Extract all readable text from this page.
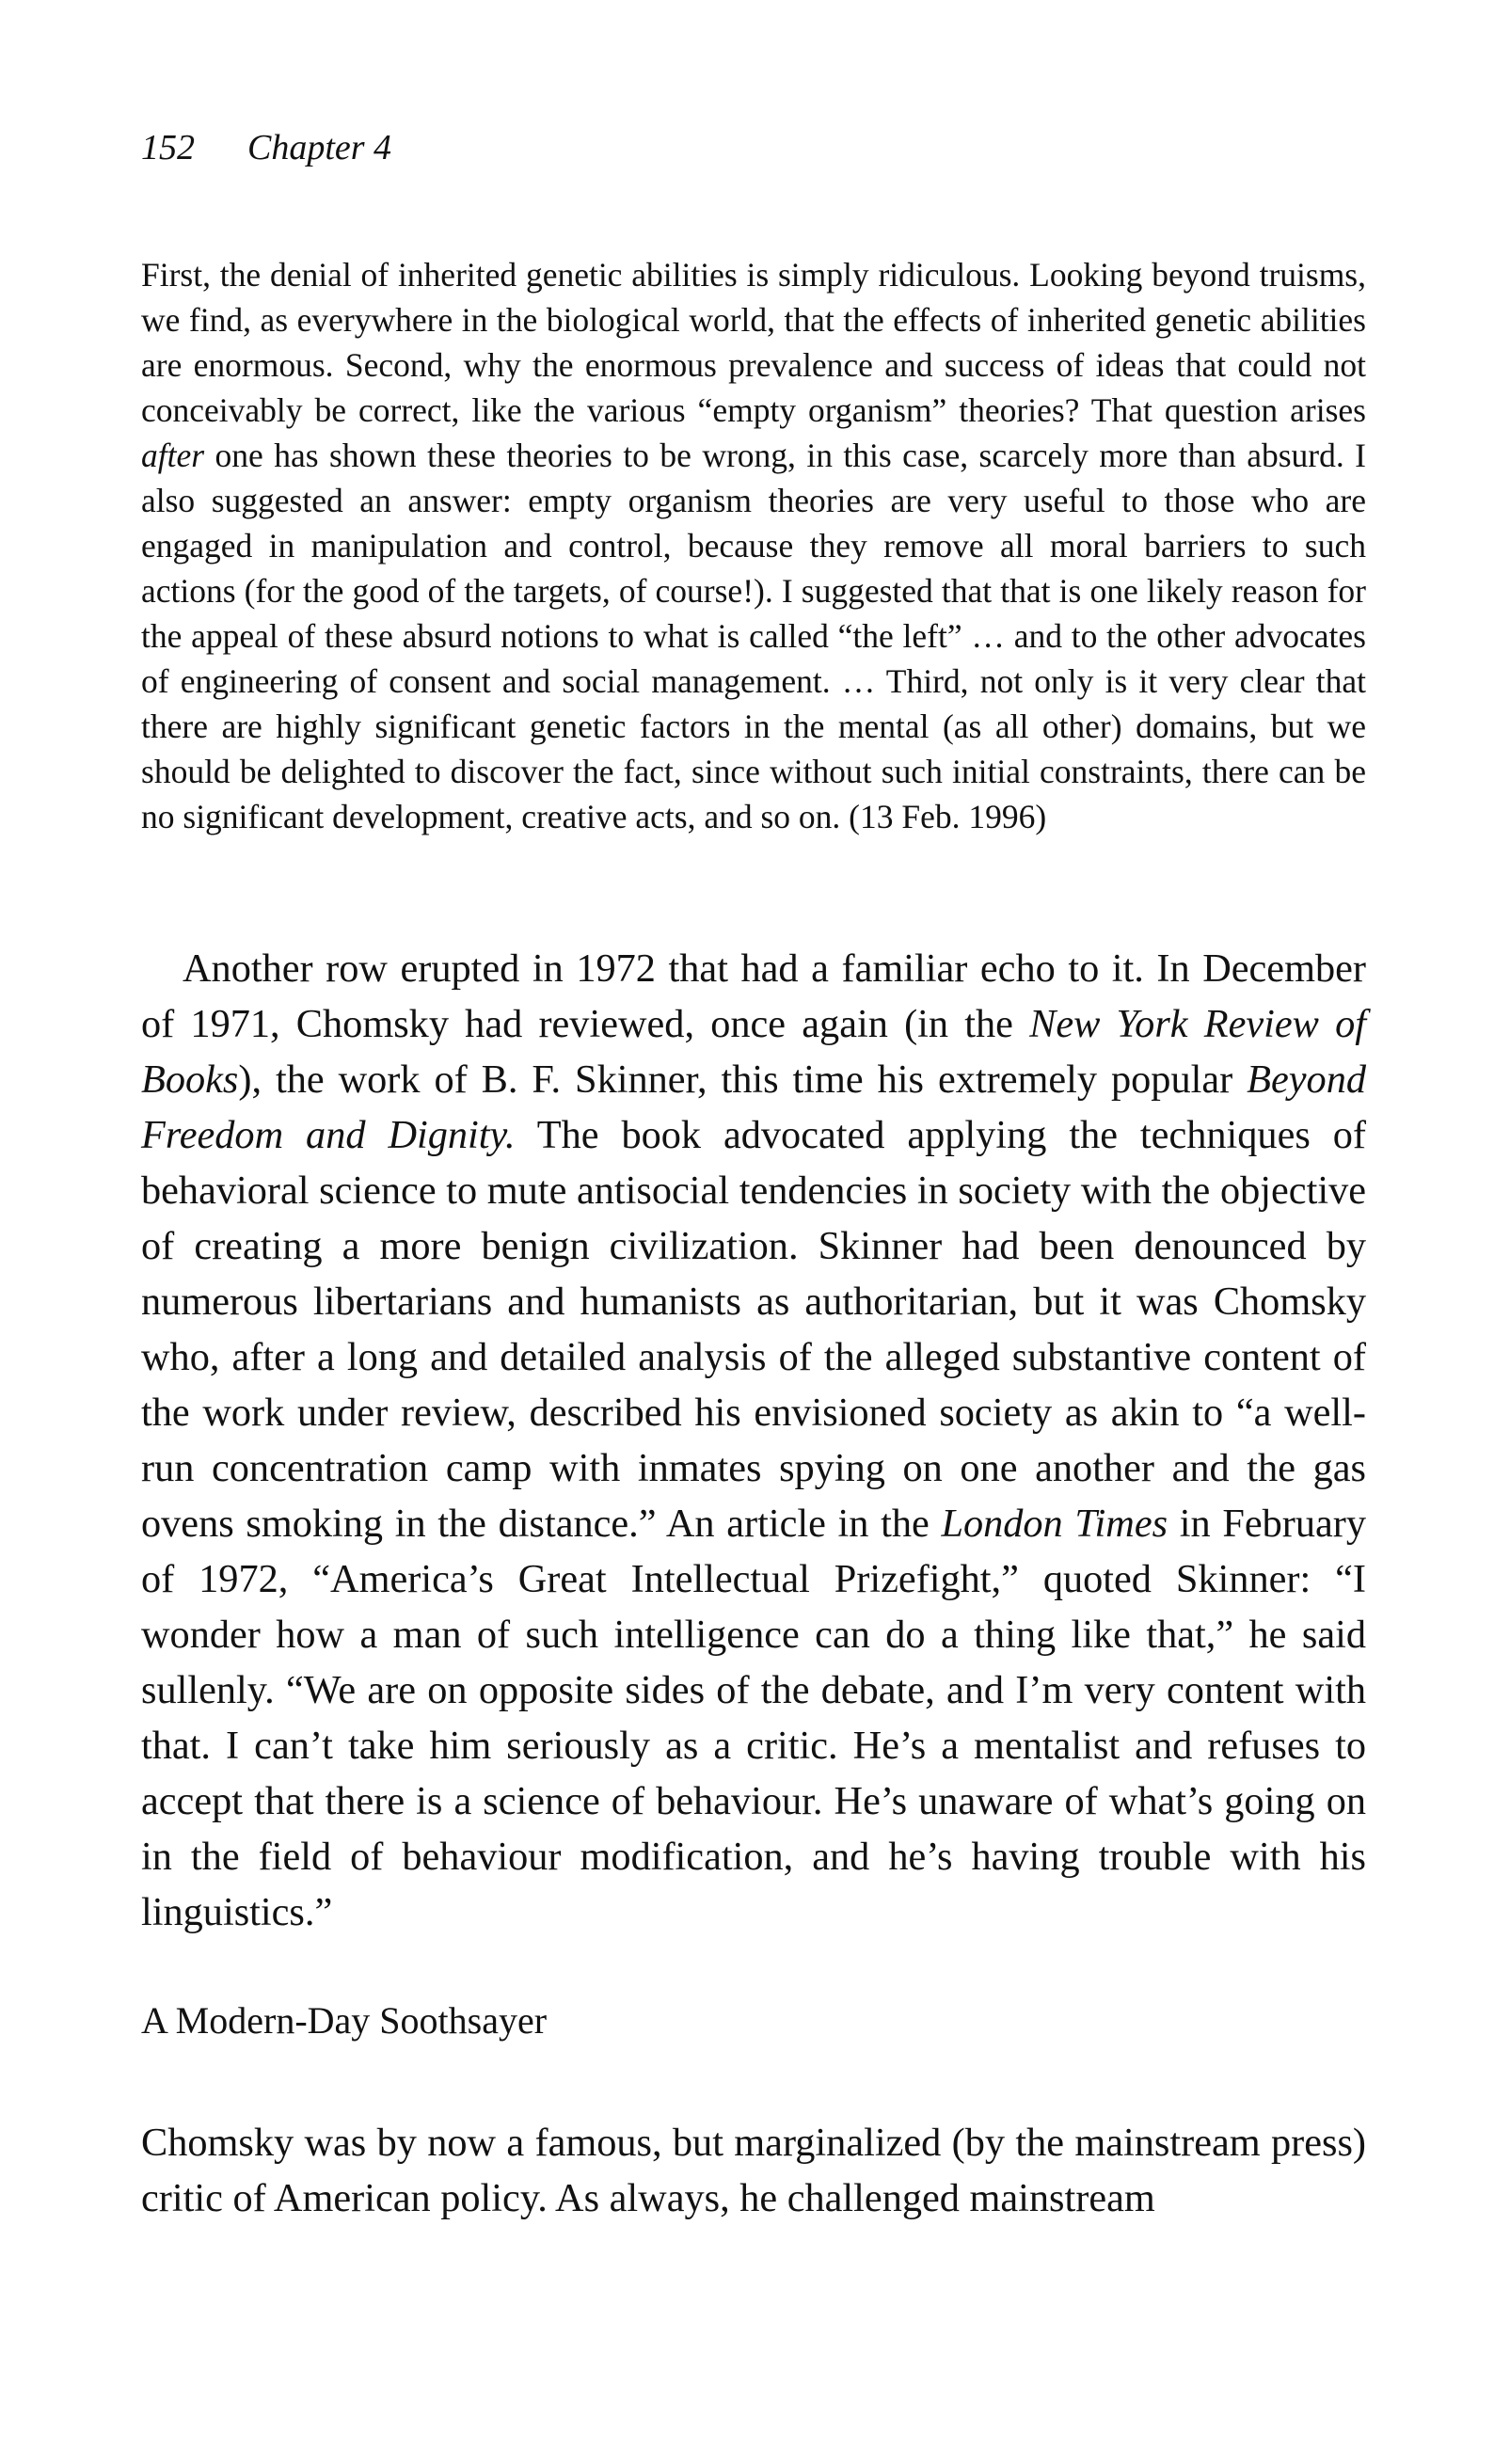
152 Chapter 4

First, the denial of inherited genetic abilities is simply ridiculous. Looking beyond truisms, we find, as everywhere in the biological world, that the effects of inherited genetic abilities are enormous. Second, why the enormous prevalence and success of ideas that could not conceivably be correct, like the various “empty organism” theories? That question arises after one has shown these theories to be wrong, in this case, scarcely more than absurd. I also suggested an answer: empty organism theories are very useful to those who are engaged in manipulation and control, because they remove all moral barriers to such actions (for the good of the targets, of course!). I suggested that that is one likely reason for the appeal of these absurd notions to what is called “the left” … and to the other advocates of engineering of consent and social management. … Third, not only is it very clear that there are highly significant genetic factors in the mental (as all other) domains, but we should be delighted to discover the fact, since without such initial constraints, there can be no significant development, creative acts, and so on. (13 Feb. 1996)

Another row erupted in 1972 that had a familiar echo to it. In December of 1971, Chomsky had reviewed, once again (in the New York Review of Books), the work of B. F. Skinner, this time his extremely popular Beyond Freedom and Dignity. The book advocated applying the techniques of behavioral science to mute antisocial tendencies in society with the objective of creating a more benign civilization. Skinner had been denounced by numerous libertarians and humanists as authoritarian, but it was Chomsky who, after a long and detailed analysis of the alleged substantive content of the work under review, described his envisioned society as akin to “a well-run concentration camp with inmates spying on one another and the gas ovens smoking in the distance.” An article in the London Times in February of 1972, “America’s Great Intellectual Prizefight,” quoted Skinner: “I wonder how a man of such intelligence can do a thing like that,” he said sullenly. “We are on opposite sides of the debate, and I’m very content with that. I can’t take him seriously as a critic. He’s a mentalist and refuses to accept that there is a science of behaviour. He’s unaware of what’s going on in the field of behaviour modification, and he’s having trouble with his linguistics.”

A Modern-Day Soothsayer

Chomsky was by now a famous, but marginalized (by the mainstream press) critic of American policy. As always, he challenged mainstream
